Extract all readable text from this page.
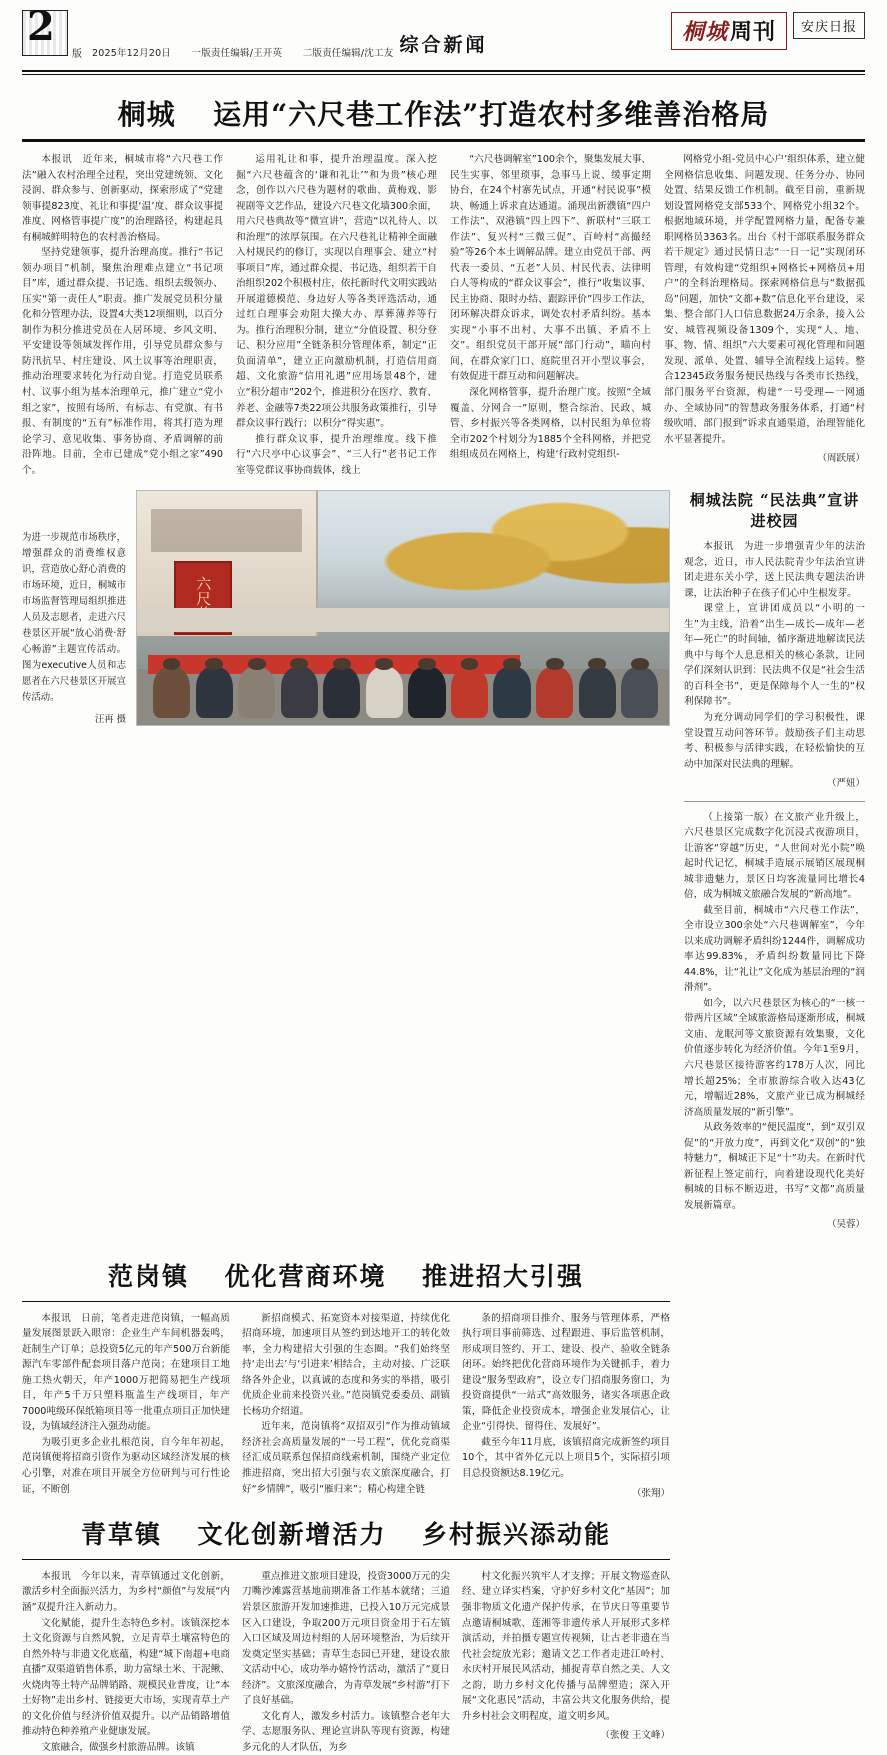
2
版 2025年12月20日 一版责任编辑/王开英 二版责任编辑/沈工友 综合新闻	桐城 周刊	安庆日报
桐城 运用“六尺巷工作法”打造农村多维善治格局

本报讯　近年来，桐城市将“六尺巷工作法”融入农村治理全过程，突出党建统领、文化浸润、群众参与、创新驱动，探索形成了“党建领事提823度、礼让和事提‘温’度、群众议事提准度、网格管事提广度”的治理路径，构建起具有桐城鲜明特色的农村善治格局。

坚持党建领事，提升治理高度。推行“书记领办项目”机制，聚焦治理难点建立“书记项目”库，通过群众提、书记选、组织去级领办、压实“第一责任人”职责。推广发展党员积分量化和分管理办法，设置4大类12项细则，以百分制作为积分推进党员在人居环境、乡风文明、平安建设等领域发挥作用，引导党员群众参与防汛抗旱、村庄建设、风土议事等治理职责，推动治理要求转化为行动自觉。打造党员联系村、议事小组为基本治理单元，推广建立“党小组之家”，按照有场所、有标志、有党旗、有书报、有制度的“五有”标准作用，将其打造为理论学习、意见收集、事务协商、矛盾调解的前沿阵地。目前，全市已建成“党小组之家”490个。

运用礼让和事，提升治理温度。深入挖掘“六尺巷蕴含的‘谦和礼让’”和为贵”核心理念，创作以六尺巷为题材的歌曲、黄梅戏、影视剧等文艺作品，建设六尺巷文化墙300余面，用六尺巷典故等“微宣讲”，营造“以礼待人、以和治理”的浓厚氛围。在六尺巷礼让精神全面融入村规民约的修订，实现以自理事会、建立“村事项目”库，通过群众提、书记选，组织若干自治组织202个积极村庄，依托新时代文明实践站开展道德模范、身边好人等各类评选活动，通过红白理事会劝阻大操大办、厚葬薄养等行为。推行治理积分制，建立“分值设置、积分登记、积分应用”全链条积分管理体系，制定“正负面清单”，建立正向激励机制，打造信用商超、文化旅游“信用礼遇”应用场景48个，建立“积分超市”202个，推进积分在医疗、教育、养老、金融等7类22项公共服务政策推行，引导群众议事行践行；以积分“得实惠”。

推行群众议事，提升治理维度。线下推行“六尺亭中心议事会”、“三人行”老书记工作室等党群议事协商载体，线上

“六尺巷调解室”100余个，聚集发展大事、民生实事、邻里琐事，急事马上说、缓事定期协台，在24个村寨先试点，开通“村民说事”模块、畅通上诉求直达通道。涌现出新濮镇“四户工作法”、双港镇“四上四下”、新联村“三联工作法”、复兴村“三微三促”、百岭村“高撮经验”等26个本土调解品牌。建立由党员干部、两代表一委员、“五老”人员、村民代表、法律明白人等构成的“群众议事会”，推行“收集议事、民主协商、限时办结、跟踪评价”四步工作法，闭环解决群众诉求，调处农村矛盾纠纷。基本实现“小事不出村、大事不出镇、矛盾不上交”。组织党员干部开展“部门行动”，瞄向村间，在群众家门口、庭院里召开小型议事会，有效促进干群互动和问题解决。

深化网格管事，提升治理广度。按照“全域覆盖、分网合一”原则，整合综治、民政、城管、乡村振兴等各类网格，以村民组为单位将全市202个村划分为1885个全科网格，并把党组组成员在网格上，构建‘行政村党组织-

网格党小组-党员中心户’组织体系，建立健全网格信息收集、问题发现、任务分办、协同处置、结果反馈工作机制。截至目前，重新规划设置网格党支部533个、网格党小组32个。根据地域环境，并学配置网格力量，配备专兼职网格员3363名。出台《村干部联系服务群众若干规定》通过民情日志“一日一记”实现闭环管理，有效构建“党组织+网格长+网格员+用户”的全科治理格局。探索网格信息与“数据孤岛”问题，加快“文都+数”信息化平台建设，采集、整合部门人口信息数据24万余条，接入公安、城管视频设备1309个，实现“人、地、事、物、情、组织”六大要素可视化管理和问题发现、派单、处置、辅导全流程线上运转。整合12345政务服务便民热线与各类市长热线，部门服务平台资源，构建“一号受理—一网通办、全域协同”的智慧政务服务体系，打通“村级吹哨、部门报到”诉求直通渠道，治理智能化水平显著提升。

（周跃展）
为进一步规范市场秩序，增强群众的消费维权意识，营造放心舒心消费的市场环境，近日，桐城市市场监督管理局组织推进人员及志愿者，走进六尺巷景区开展“放心消费·舒心畅游”主题宣传活动。图为executive人员和志愿者在六尺巷景区开展宣传活动。
汪再 摄
六尺巷
桐城法院 “民法典”宣讲进校园

本报讯　为进一步增强青少年的法治观念，近日，市人民法院青少年法治宣讲团走进东关小学，送上民法典专题法治讲课，让法治种子在孩子们心中生根发芽。

课堂上，宣讲团成员以“小明的一生”为主线，沿着“出生—成长—成年—老年—死亡”的时间轴，循序渐进地解读民法典中与每个人息息相关的核心条款，让同学们深刻认识到：民法典不仅是“社会生活的百科全书”，更是保障每个人一生的“权利保障书”。

为充分调动同学们的学习积极性，课堂设置互动问答环节。鼓励孩子们主动思考、积极参与活律实践，在轻松愉快的互动中加深对民法典的理解。

（严妞）

（上接第一版）在文旅产业升级上，六尺巷景区完成数字化沉浸式夜游项目，让游客“穿越”历史，“人世间对光小院”唤起时代记忆，桐城手造展示展销区展现桐城非遗魅力，景区日均客流量同比增长4倍，成为桐城文旅融合发展的“新高地”。

截至目前，桐城市“六尺巷工作法”，全市设立300余处“六尺巷调解室”，今年以来成功调解矛盾纠纷1244件，调解成功率达99.83%，矛盾纠纷数量同比下降44.8%，让“礼让”文化成为基层治理的“润滑剂”。

如今，以六尺巷景区为核心的“一核一带两片区域”全域旅游格局逐渐形成，桐城文庙、龙眠河等文旅资源有效集聚，文化价值逐步转化为经济价值。今年1至9月，六尺巷景区接待游客约178万人次，同比增长超25%；全市旅游综合收入达43亿元，增幅近28%，文旅产业已成为桐城经济高质量发展的“新引擎”。

从政务效率的“便民温度”，到“双引双促”的“开放力度”，再到文化“双创”的“独特魅力”，桐城正下足“十”功夫。在新时代新征程上签定前行，向着建设现代化美好桐城的目标不断迈进，书写“文都”高质量发展新篇章。

（吴蓉）
范岗镇 优化营商环境 推进招大引强

本报讯　日前，笔者走进范岗镇，一幅高质量发展图景跃入眼帘：企业生产车间机器轰鸣，赶制生产订单；总投资5亿元的年产500万台新能源汽车零部件配套项目落户范岗；在建项目工地施工热火朝天，年产1000万把简易把生产线项目，年产5千万只塑料瓶盖生产线项目，年产7000吨级环保纸箱项目等一批重点项目正加快建设，为镇域经济注入强劲动能。

为吸引更多企业扎根范岗，自今年年初起，范岗镇便将招商引资作为驱动区域经济发展的核心引擎，对准在项目开展全方位研判与可行性论证，不断创

新招商模式、拓宽资本对接渠道，持续优化招商环境，加速项目从签约到达地开工的转化效率，全力构建招大引强的生态圈。“我们始终坚持‘走出去’与‘引进来’相结合，主动对接、广泛联络各外企业，以真诚的态度和务实的举措，吸引优质企业前来投资兴业。”范岗镇党委委员、副镇长杨功介绍道。

近年来，范岗镇将“双招双引”作为推动镇域经济社会高质量发展的“一号工程”，优化竞商渠径汇成员联系包保招商线索机制，围绕产业定位推进招商，突出招大引强与农文旅深度融合，打好“乡情牌”，吸引“雁归来”；精心构建全链

条的招商项目推介、服务与管理体系，严格执行项目事前筛选、过程跟进、事后监管机制，形成项目签约、开工、建设、投产、验收全链条闭环。始终把优化营商环境作为关键抓手，着力建设“服务型政府”，设立专门招商服务窗口，为投资商提供“一站式”高效服务，诸实各项惠企政策，降低企业投资成本，增强企业发展信心，让企业“引得快、留得住、发展好”。

截至今年11月底，该镇招商完成新签约项目10个，其中省外亿元以上项目5个，实际招引项目总投资额达8.19亿元。

（张翔）
青草镇 文化创新增活力 乡村振兴添动能

本报讯　今年以来，青草镇通过文化创新，激活乡村全面振兴活力，为乡村“颜值”与发展“内涵”双提升注入新动力。

文化赋能，提升生态特色乡村。该镇深挖本土文化资源与自然风貌，立足青草土壤富特色的自然外特与非遗文化底蕴，构建“城下南超+电商直播”双渠道销售体系，助力富绿土米、干泥鳅、火烧肉等土特产品牌销路、规模民业普度，让“本土好物”走出乡村、链接更大市场，实现青草土产的文化价值与经济价值双提升。以产品销路增值推动特色种养殖产业健康发展。

文旅融合，做强乡村旅游品牌。该镇

重点推进文旅项目建设，投资3000万元的尖刀嘴沙滩露营基地前期准备工作基本就绪；三道岩景区旅游开发加速推进，已投入10万元完成景区入口建设，争取200万元项目资金用于石左镇入口区域及周边村组的人居环境整治，为后续开发奠定坚实基础；青草生态园已开建，建设农旅文活动中心，成功举办嬉怜竹活动，激活了“夏日经济”。文旅深度融合，为青草发展“乡村游”打下了良好基础。

文化育人，激发乡村活力。该镇整合老年大学、志愿服务队、理论宣讲队等现有资源，构建多元化的人才队伍，为乡

村文化振兴筑牢人才支撑；开展文物巡查队经、建立译实档案，守护好乡村文化“基因”；加强非物质文化遗产保护传承，在节庆日等重要节点邀请桐城歌、莲湘等非遗传承人开展形式多样演活动，并拍摄专题宣传视频，让古老非遗在当代社会绽放光彩；邀请文艺工作者走进江岭村、永庆村开展民风活动，捕捉青草自然之美、人文之韵，助力乡村文化传播与品牌塑造；深入开展“文化惠民”活动，丰富公共文化服务供给，提升乡村社会文明程度，道文明乡风。

（张俊 王文峰）
